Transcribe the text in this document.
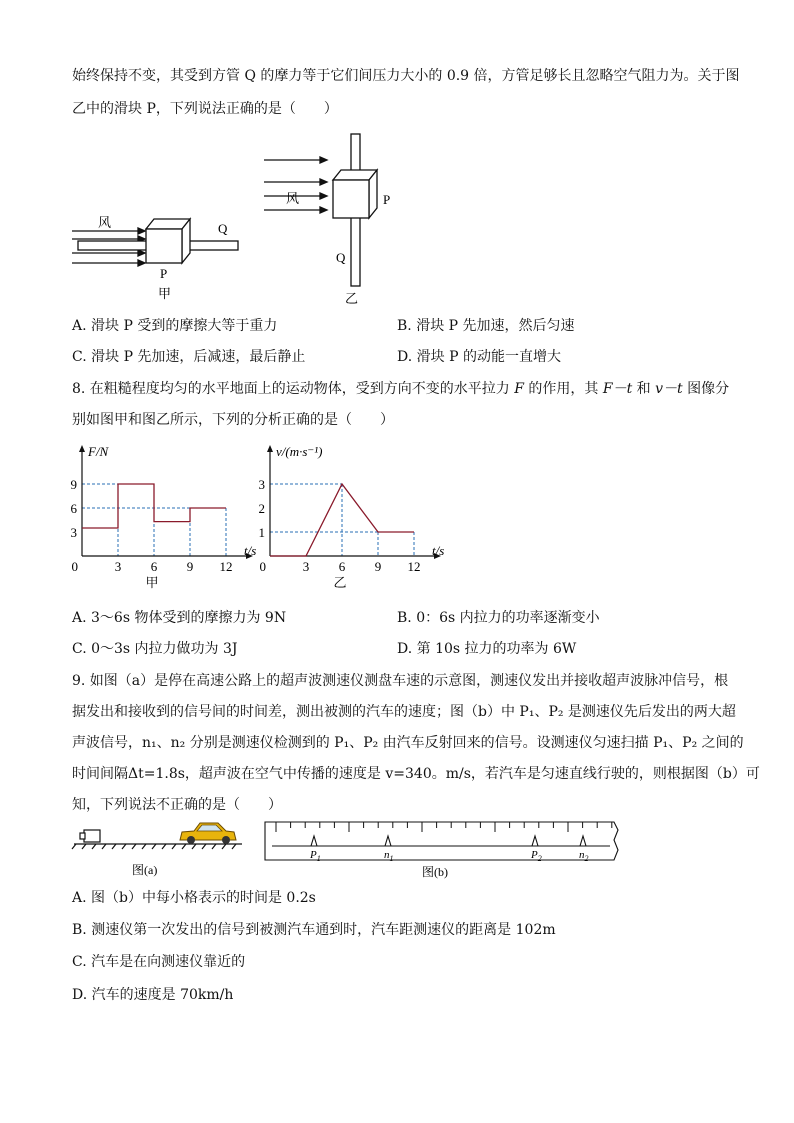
始终保持不变，其受到方管 Q 的摩力等于它们间压力大小的 0.9 倍，方管足够长且忽略空气阻力为。关于图
乙中的滑块 P，下列说法正确的是（　　）
风	Q
P
甲
风	P
Q
乙
A. 滑块 P 受到的摩擦大等于重力	B. 滑块 P 先加速，然后匀速
C. 滑块 P 先加速，后减速，最后静止	D. 滑块 P 的动能一直增大
8. 在粗糙程度均匀的水平地面上的运动物体，受到方向不变的水平拉力 F 的作用，其 F－t 和 v－t 图像分
别如图甲和图乙所示，下列的分析正确的是（　　）
3 6 9 12
3
6
9
0
t/s
F/N
甲
3 6 9 12
1
2
3
0
t/s
v/(m·s⁻¹)
乙
A. 3～6s 物体受到的摩擦力为 9N	B. 0：6s 内拉力的功率逐渐变小
C. 0～3s 内拉力做功为 3J	D. 第 10s 拉力的功率为 6W
9. 如图（a）是停在高速公路上的超声波测速仪测盘车速的示意图，测速仪发出并接收超声波脉冲信号，根
据发出和接收到的信号间的时间差，测出被测的汽车的速度；图（b）中 P₁、P₂ 是测速仪先后发出的两大超
声波信号，n₁、n₂ 分别是测速仪检测到的 P₁、P₂ 由汽车反射回来的信号。设测速仪匀速扫描 P₁、P₂ 之间的
时间间隔Δt=1.8s，超声波在空气中传播的速度是 v=340。m/s，若汽车是匀速直线行驶的，则根据图（b）可
知，下列说法不正确的是（　　）
图(a)
$P_1$	$n_1$	$P_2$	$n_2$
图(b)
A. 图（b）中每小格表示的时间是 0.2s
B. 测速仪第一次发出的信号到被测汽车通到时，汽车距测速仪的距离是 102m
C. 汽车是在向测速仪靠近的
D. 汽车的速度是 70km/h
